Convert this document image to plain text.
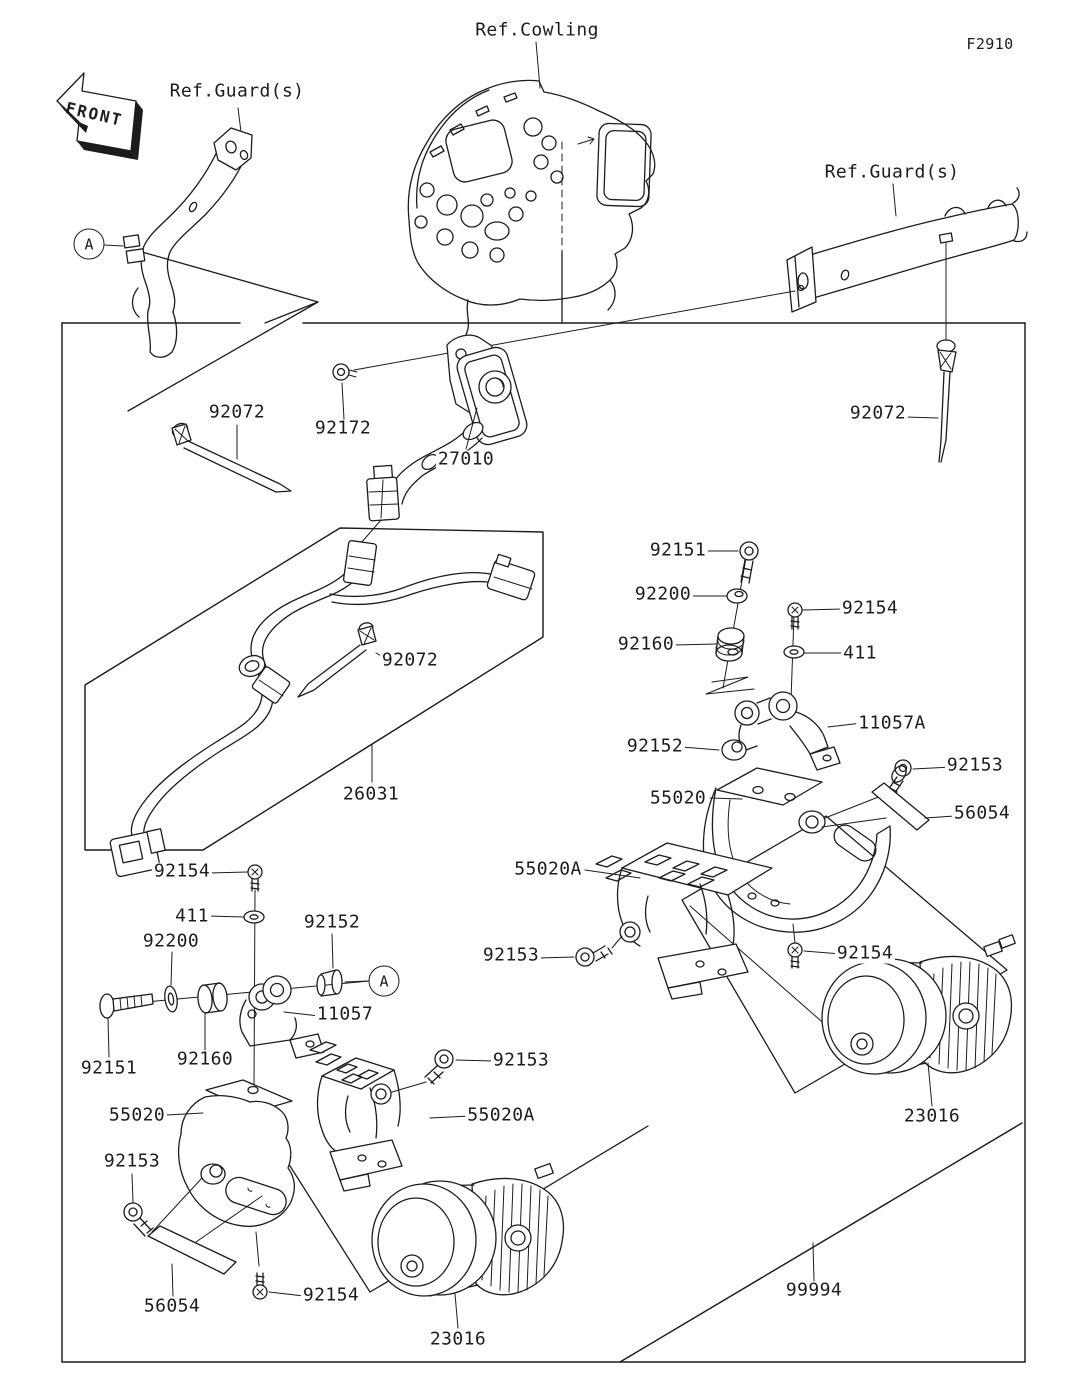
F2910
FRONT
Ref.Cowling
Ref.Guard(s)
Ref.Guard(s)
A
A
92072
92172
27010
92072
92151
92200
92154
92160	411
11057A
92152
92153
55020
56054
55020A
92153	92154
26031
92072
92154
411
92200
92152
11057
92151 92160
55020
92153
92153
55020A
56054
92154
23016
23016
99994
